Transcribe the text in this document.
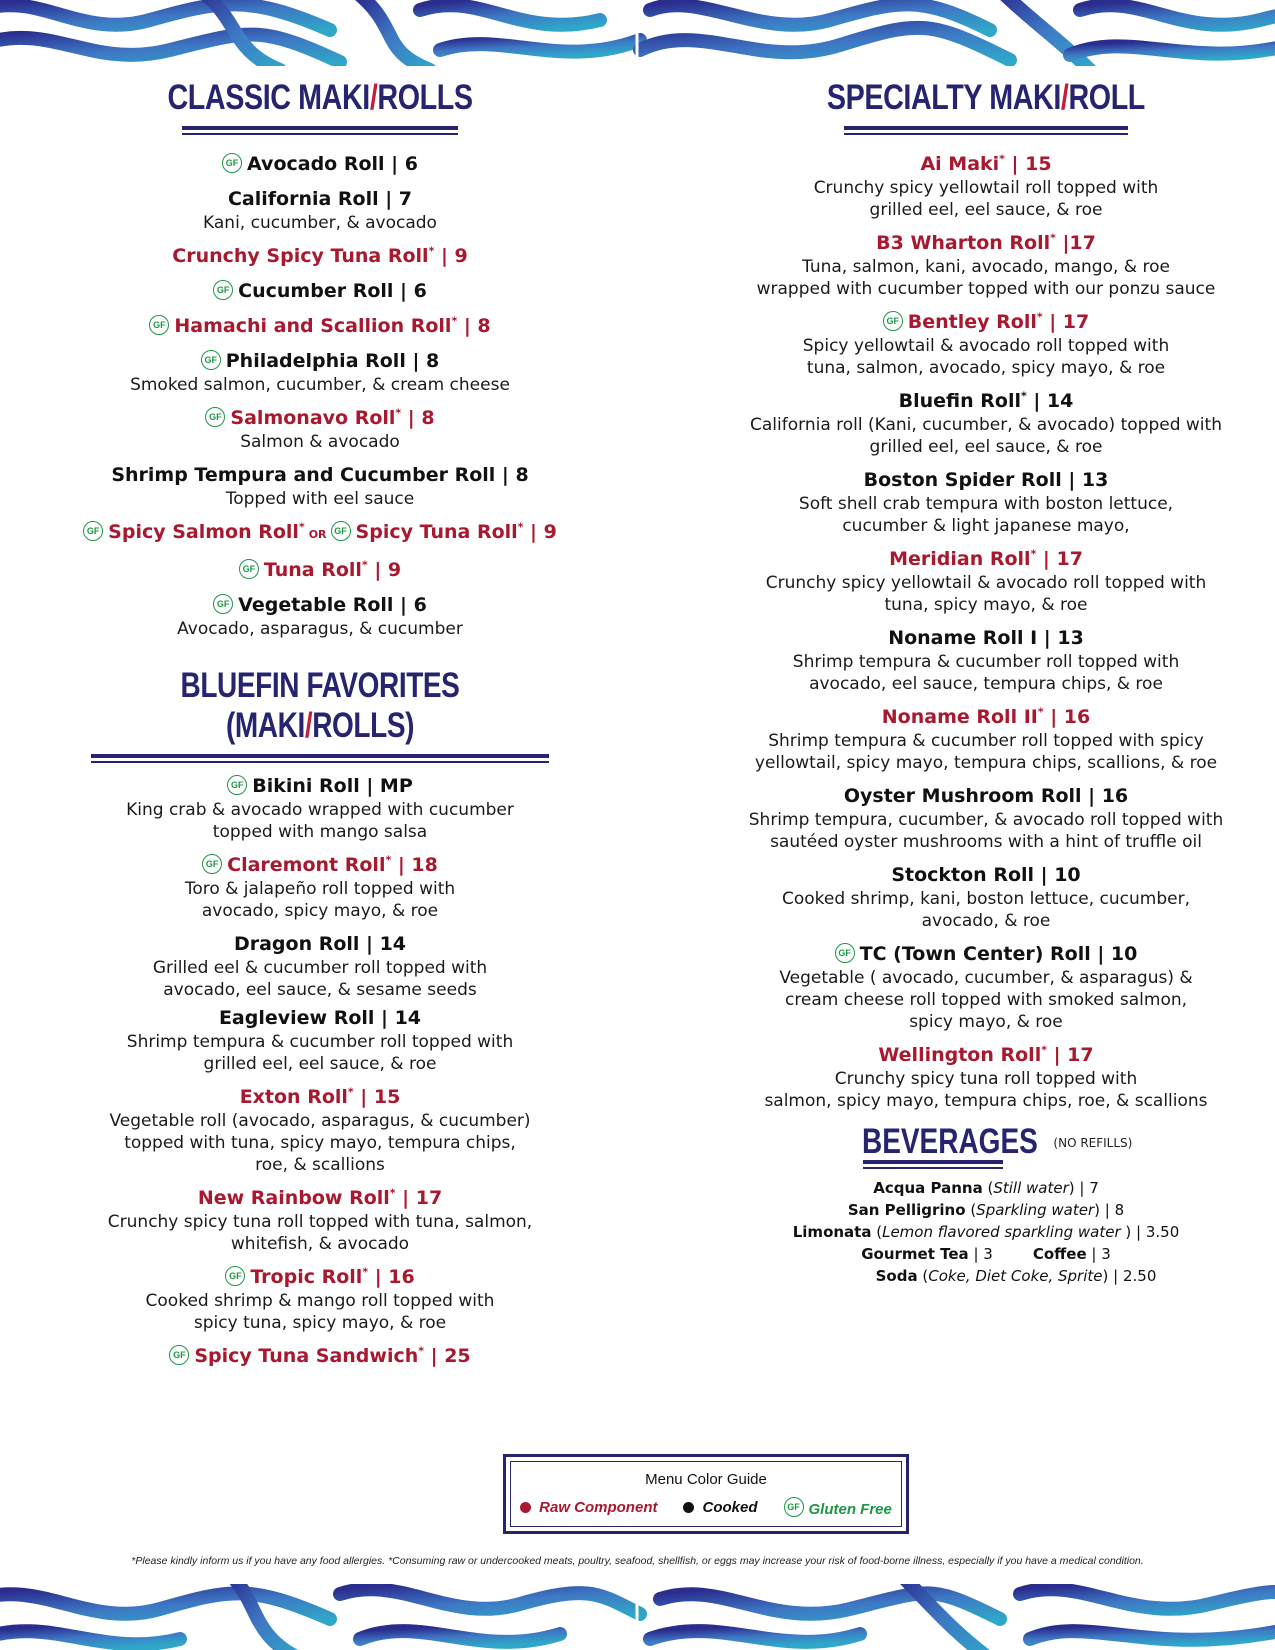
CLASSIC MAKI/ROLLS
GF Avocado Roll | 6
California Roll | 7
Kani, cucumber, & avocado
Crunchy Spicy Tuna Roll* | 9
GF Cucumber Roll | 6
GF Hamachi and Scallion Roll* | 8
GF Philadelphia Roll | 8
Smoked salmon, cucumber, & cream cheese
GF Salmonavo Roll* | 8
Salmon & avocado
Shrimp Tempura and Cucumber Roll | 8
Topped with eel sauce
GF Spicy Salmon Roll*OR GF Spicy Tuna Roll* | 9
GF Tuna Roll* | 9
GF Vegetable Roll | 6
Avocado, asparagus, & cucumber
BLUEFIN FAVORITES (MAKI/ROLLS)
GF Bikini Roll | MP
King crab & avocado wrapped with cucumber
topped with mango salsa
GF Claremont Roll* | 18
Toro & jalapeño roll topped with
avocado, spicy mayo, & roe
Dragon Roll | 14
Grilled eel & cucumber roll topped with
avocado, eel sauce, & sesame seeds
Eagleview Roll | 14
Shrimp tempura & cucumber roll topped with
grilled eel, eel sauce, & roe
Exton Roll* | 15
Vegetable roll (avocado, asparagus, & cucumber)
topped with tuna, spicy mayo, tempura chips,
roe, & scallions
New Rainbow Roll* | 17
Crunchy spicy tuna roll topped with tuna, salmon,
whitefish, & avocado
GF Tropic Roll* | 16
Cooked shrimp & mango roll topped with
spicy tuna, spicy mayo, & roe
GF Spicy Tuna Sandwich* | 25
SPECIALTY MAKI/ROLL
Ai Maki* | 15
Crunchy spicy yellowtail roll topped with
grilled eel, eel sauce, & roe
B3 Wharton Roll* |17
Tuna, salmon, kani, avocado, mango, & roe
wrapped with cucumber topped with our ponzu sauce
GF Bentley Roll* | 17
Spicy yellowtail & avocado roll topped with
tuna, salmon, avocado, spicy mayo, & roe
Bluefin Roll* | 14
California roll (Kani, cucumber, & avocado) topped with
grilled eel, eel sauce, & roe
Boston Spider Roll | 13
Soft shell crab tempura with boston lettuce,
cucumber & light japanese mayo,
Meridian Roll* | 17
Crunchy spicy yellowtail & avocado roll topped with
tuna, spicy mayo, & roe
Noname Roll I | 13
Shrimp tempura & cucumber roll topped with
avocado, eel sauce, tempura chips, & roe
Noname Roll II* | 16
Shrimp tempura & cucumber roll topped with spicy
yellowtail, spicy mayo, tempura chips, scallions, & roe
Oyster Mushroom Roll | 16
Shrimp tempura, cucumber, & avocado roll topped with
sautéed oyster mushrooms with a hint of truffle oil
Stockton Roll | 10
Cooked shrimp, kani, boston lettuce, cucumber,
avocado, & roe
GF TC (Town Center) Roll | 10
Vegetable ( avocado, cucumber, & asparagus) &
cream cheese roll topped with smoked salmon,
spicy mayo, & roe
Wellington Roll* | 17
Crunchy spicy tuna roll topped with
salmon, spicy mayo, tempura chips, roe, & scallions
BEVERAGES $^{(NO REFILLS)}$
Acqua Panna (Still water) | 7
San Pelligrino (Sparkling water) | 8
Limonata (Lemon flavored sparkling water ) | 3.50
Gourmet Tea | 3	Coffee | 3
Soda (Coke, Diet Coke, Sprite) | 2.50
Menu Color Guide
Raw Component	Cooked	GF Gluten Free
*Please kindly inform us if you have any food allergies. *Consuming raw or undercooked meats, poultry, seafood, shellfish, or eggs may increase your risk of food-borne illness, especially if you have a medical condition.
